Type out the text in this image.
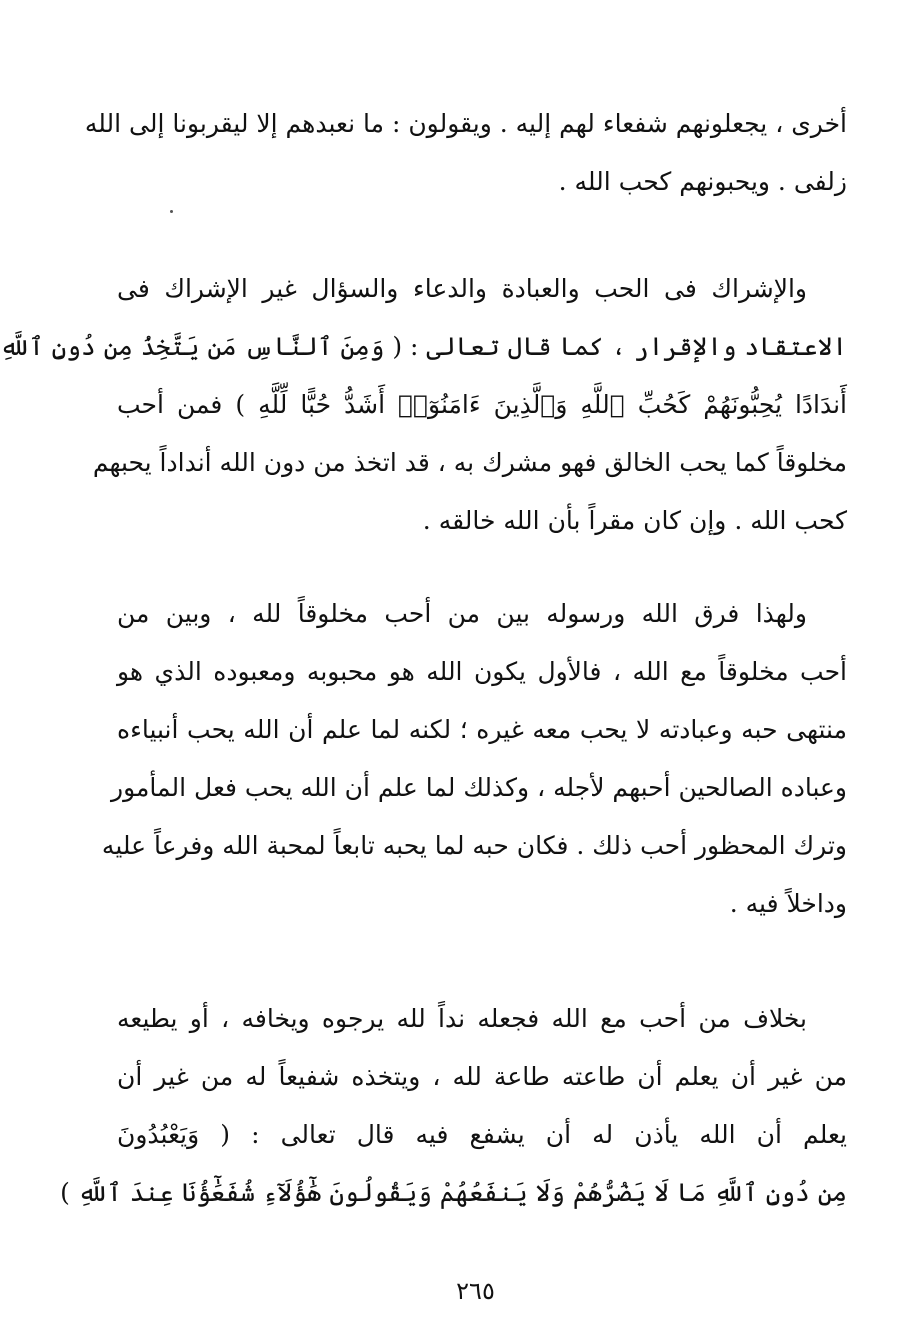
أخرى ، يجعلونهم شفعاء لهم إليه . ويقولون : ما نعبدهم إلا ليقربونا إلى الله
زلفى . ويحبونهم كحب الله .
والإشراك فى الحب والعبادة والدعاء والسؤال غير الإشراك فى
الاعتقاد والإقرار ، كما قال تعالى : ( وَمِنَ ٱلنَّاسِ مَن يَتَّخِذُ مِن دُونِ ٱللَّهِ
أَندَادًا يُحِبُّونَهُمْ كَحُبِّ ٱللَّهِ وَٱلَّذِينَ ءَامَنُوٓا۟ أَشَدُّ حُبًّا لِّلَّهِ ) فمن أحب
مخلوقاً كما يحب الخالق فهو مشرك به ، قد اتخذ من دون الله أنداداً يحبهم
كحب الله . وإن كان مقراً بأن الله خالقه .
ولهذا فرق الله ورسوله بين من أحب مخلوقاً لله ، وبين من
أحب مخلوقاً مع الله ، فالأول يكون الله هو محبوبه ومعبوده الذي هو
منتهى حبه وعبادته لا يحب معه غيره ؛ لكنه لما علم أن الله يحب أنبياءه
وعباده الصالحين أحبهم لأجله ، وكذلك لما علم أن الله يحب فعل المأمور
وترك المحظور أحب ذلك . فكان حبه لما يحبه تابعاً لمحبة الله وفرعاً عليه
وداخلاً فيه .
بخلاف من أحب مع الله فجعله نداً لله يرجوه ويخافه ، أو يطيعه
من غير أن يعلم أن طاعته طاعة لله ، ويتخذه شفيعاً له من غير أن
يعلم أن الله يأذن له أن يشفع فيه قال تعالى : ( وَيَعْبُدُونَ
مِن دُونِ ٱللَّهِ مَا لَا يَضُرُّهُمْ وَلَا يَنفَعُهُمْ وَيَقُولُونَ هَٰٓؤُلَآءِ شُفَعَٰٓؤُنَا عِندَ ٱللَّهِ )
٢٦٥
